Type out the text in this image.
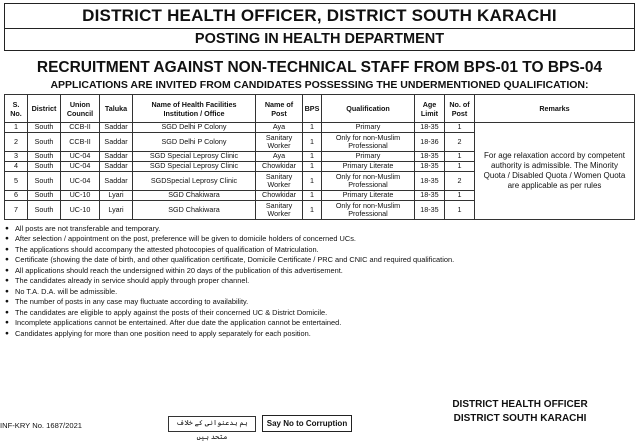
DISTRICT HEALTH OFFICER, DISTRICT SOUTH KARACHI
POSTING IN HEALTH DEPARTMENT
RECRUITMENT AGAINST NON-TECHNICAL STAFF FROM BPS-01 TO BPS-04
APPLICATIONS ARE INVITED FROM CANDIDATES POSSESSING THE UNDERMENTIONED QUALIFICATION:
S. No.	District	Union Council	Taluka	Name of Health Facilities Institution / Office	Name of Post	BPS	Qualification	Age Limit	No. of Post	Remarks
1	South	CCB-II	Saddar	SGD Delhi P Colony	Aya	1	Primary	18-35	1	For age relaxation accord by competent authority is admissible. The Minority Quota / Disabled Quota / Women Quota are applicable as per rules
2	South	CCB-II	Saddar	SGD Delhi P Colony	Sanitary Worker	1	Only for non-Muslim Professional	18-36	2	
3	South	UC-04	Saddar	SGD Special Leprosy Clinic	Aya	1	Primary	18-35	1	
4	South	UC-04	Saddar	SGD Special Leprosy Clinic	Chowkidar	1	Primary Literate	18-35	1	
5	South	UC-04	Saddar	SGDSpecial Leprosy Clinic	Sanitary Worker	1	Only for non-Muslim Professional	18-35	2	
6	South	UC-10	Lyari	SGD Chakiwara	Chowkidar	1	Primary Literate	18-35	1	
7	South	UC-10	Lyari	SGD Chakiwara	Sanitary Worker	1	Only for non-Muslim Professional	18-35	1	
● All posts are not transferable and temporary.
● After selection / appointment on the post, preference will be given to domicile holders of concerned UCs.
● The applications should accompany the attested photocopies of qualification of Matriculation.
● Certificate (showing the date of birth, and other qualification certificate, Domicile Certificate / PRC and CNIC and required qualification.
● All applications should reach the undersigned within 20 days of the publication of this advertisement.
● The candidates already in service should apply through proper channel.
● No T.A. D.A. will be admissible.
● The number of posts in any case may fluctuate according to availability.
● The candidates are eligible to apply against the posts of their concerned UC & District Domicile.
● Incomplete applications cannot be entertained. After due date the application cannot be entertained.
● Candidates applying for more than one position need to apply separately for each position.
INF-KRY No. 1687/2021	ہم بدعنوانی کے خلاف متحد ہیں
Say No to Corruption
DISTRICT HEALTH OFFICER
DISTRICT SOUTH KARACHI
